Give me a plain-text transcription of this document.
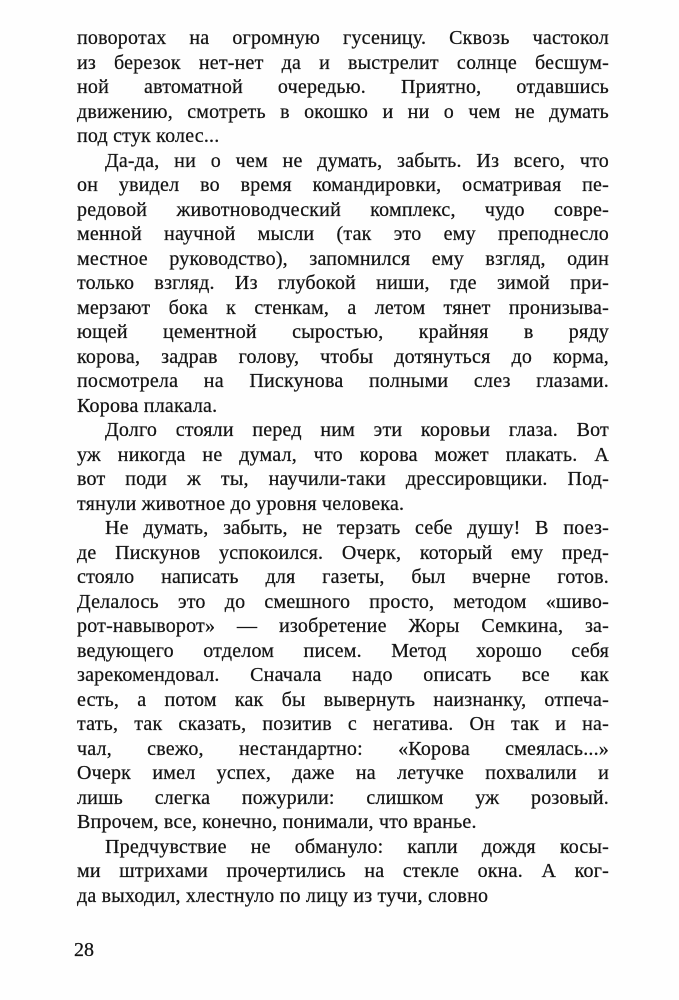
поворотах на огромную гусеницу. Сквозь частокол
из березок нет-нет да и выстрелит солнце бесшум-
ной автоматной очередью. Приятно, отдавшись
движению, смотреть в окошко и ни о чем не думать
под стук колес...
Да-да, ни о чем не думать, забыть. Из всего, что
он увидел во время командировки, осматривая пе-
редовой животноводческий комплекс, чудо совре-
менной научной мысли (так это ему преподнесло
местное руководство), запомнился ему взгляд, один
только взгляд. Из глубокой ниши, где зимой при-
мерзают бока к стенкам, а летом тянет пронизыва-
ющей цементной сыростью, крайняя в ряду
корова, задрав голову, чтобы дотянуться до корма,
посмотрела на Пискунова полными слез глазами.
Корова плакала.
Долго стояли перед ним эти коровьи глаза. Вот
уж никогда не думал, что корова может плакать. А
вот поди ж ты, научили-таки дрессировщики. Под-
тянули животное до уровня человека.
Не думать, забыть, не терзать себе душу! В поез-
де Пискунов успокоился. Очерк, который ему пред-
стояло написать для газеты, был вчерне готов.
Делалось это до смешного просто, методом «шиво-
рот-навыворот» — изобретение Жоры Семкина, за-
ведующего отделом писем. Метод хорошо себя
зарекомендовал. Сначала надо описать все как
есть, а потом как бы вывернуть наизнанку, отпеча-
тать, так сказать, позитив с негатива. Он так и на-
чал, свежо, нестандартно: «Корова смеялась...»
Очерк имел успех, даже на летучке похвалили и
лишь слегка пожурили: слишком уж розовый.
Впрочем, все, конечно, понимали, что вранье.
Предчувствие не обмануло: капли дождя косы-
ми штрихами прочертились на стекле окна. А ког-
да выходил, хлестнуло по лицу из тучи, словно
28
